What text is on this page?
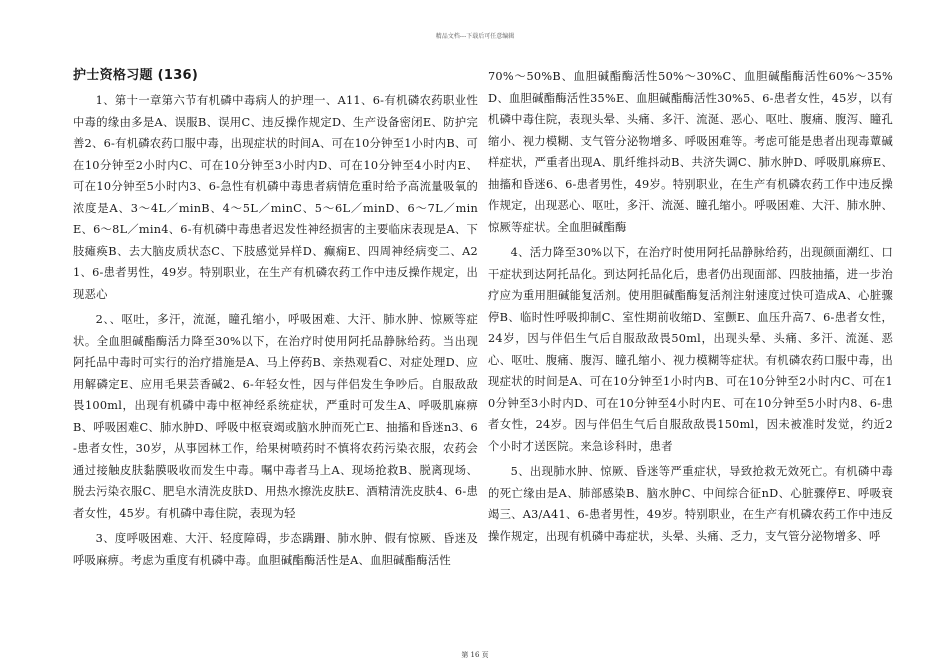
精品文档---下载后可任意编辑
护士资格习题 (136)

1、第十一章第六节有机磷中毒病人的护理一、A11、6-有机磷农药职业性中毒的缘由多是A、误服B、误用C、违反操作规定D、生产设备密闭E、防护完善2、6-有机磷农药口服中毒，出现症状的时间A、可在10分钟至1小时内B、可在10分钟至2小时内C、可在10分钟至3小时内D、可在10分钟至4小时内E、可在10分钟至5小时内3、6-急性有机磷中毒患者病情危重时给予高流量吸氧的浓度是A、3～4L／minB、4～5L／minC、5～6L／minD、6～7L／minE、6～8L／min4、6-有机磷中毒患者迟发性神经损害的主要临床表现是A、下肢瘫痪B、去大脑皮质状态C、下肢感觉异样D、癫痫E、四周神经病变二、A21、6-患者男性，49岁。特别职业，在生产有机磷农药工作中违反操作规定，出现恶心

2、、呕吐，多汗，流涎，瞳孔缩小，呼吸困难、大汗、肺水肿、惊厥等症状。全血胆碱酯酶活力降至30%以下，在治疗时使用阿托品静脉给药。当出现阿托品中毒时可实行的治疗措施是A、马上停药B、亲热观看C、对症处理D、应用解磷定E、应用毛果芸香碱2、6-年轻女性，因与伴侣发生争吵后。自服敌敌畏100ml，出现有机磷中毒中枢神经系统症状，严重时可发生A、呼吸肌麻痹B、呼吸困难C、肺水肿D、呼吸中枢衰竭或脑水肿而死亡E、抽搐和昏迷n3、6-患者女性，30岁，从事园林工作，给果树喷药时不慎将农药污染衣服，农药会通过接触皮肤黏膜吸收而发生中毒。嘱中毒者马上A、现场抢救B、脱离现场、脱去污染衣服C、肥皂水清洗皮肤D、用热水擦洗皮肤E、酒精清洗皮肤4、6-患者女性，45岁。有机磷中毒住院，表现为轻

3、度呼吸困难、大汗、轻度障碍，步态蹒跚、肺水肿、假有惊厥、昏迷及呼吸麻痹。考虑为重度有机磷中毒。血胆碱酯酶活性是A、血胆碱酯酶活性

70%～50%B、血胆碱酯酶活性50%～30%C、血胆碱酯酶活性60%～35%D、血胆碱酯酶活性35%E、血胆碱酯酶活性30%5、6-患者女性，45岁，以有机磷中毒住院，表现头晕、头痛、多汗、流涎、恶心、呕吐、腹痛、腹泻、瞳孔缩小、视力模糊、支气管分泌物增多、呼吸困难等。考虑可能是患者出现毒蕈碱样症状，严重者出现A、肌纤维抖动B、共济失调C、肺水肿D、呼吸肌麻痹E、抽搐和昏迷6、6-患者男性，49岁。特别职业，在生产有机磷农药工作中违反操作规定，出现恶心、呕吐，多汗、流涎、瞳孔缩小。呼吸困难、大汗、肺水肿、惊厥等症状。全血胆碱酯酶

4、活力降至30%以下，在治疗时使用阿托品静脉给药，出现颜面潮红、口干症状到达阿托品化。到达阿托品化后，患者仍出现面部、四肢抽搐，进一步治疗应为重用胆碱能复活剂。使用胆碱酯酶复活剂注射速度过快可造成A、心脏骤停B、临时性呼吸抑制C、室性期前收缩D、室颤E、血压升高7、6-患者女性，24岁，因与伴侣生气后自服敌敌畏50ml，出现头晕、头痛、多汗、流涎、恶心、呕吐、腹痛、腹泻、瞳孔缩小、视力模糊等症状。有机磷农药口服中毒，出现症状的时间是A、可在10分钟至1小时内B、可在10分钟至2小时内C、可在10分钟至3小时内D、可在10分钟至4小时内E、可在10分钟至5小时内8、6-患者女性，24岁。因与伴侣生气后自服敌敌畏150ml，因未被准时发觉，约近2个小时才送医院。来急诊科时，患者

5、出现肺水肿、惊厥、昏迷等严重症状，导致抢救无效死亡。有机磷中毒的死亡缘由是A、肺部感染B、脑水肿C、中间综合征nD、心脏骤停E、呼吸衰竭三、A3/A41、6-患者男性，49岁。特别职业，在生产有机磷农药工作中违反操作规定，出现有机磷中毒症状，头晕、头痛、乏力，支气管分泌物增多、呼

第 16 页
